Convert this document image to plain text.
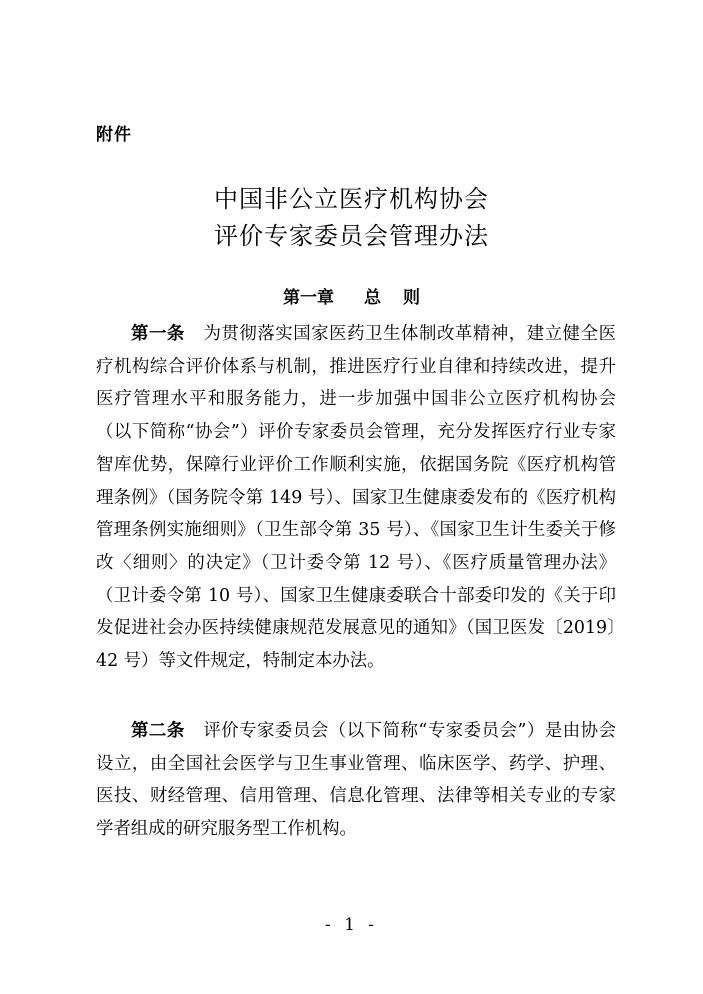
附件
中国非公立医疗机构协会
评价专家委员会管理办法
第一章 总 则

第一条 为贯彻落实国家医药卫生体制改革精神，建立健全医疗机构综合评价体系与机制，推进医疗行业自律和持续改进，提升医疗管理水平和服务能力，进一步加强中国非公立医疗机构协会（以下简称“协会”）评价专家委员会管理，充分发挥医疗行业专家智库优势，保障行业评价工作顺利实施，依据国务院《医疗机构管理条例》（国务院令第 149 号）、国家卫生健康委发布的《医疗机构管理条例实施细则》（卫生部令第 35 号）、《国家卫生计生委关于修改〈细则〉的决定》（卫计委令第 12 号）、《医疗质量管理办法》（卫计委令第 10 号）、国家卫生健康委联合十部委印发的《关于印发促进社会办医持续健康规范发展意见的通知》（国卫医发〔2019〕42 号）等文件规定，特制定本办法。

第二条 评价专家委员会（以下简称“专家委员会”）是由协会设立，由全国社会医学与卫生事业管理、临床医学、药学、护理、医技、财经管理、信用管理、信息化管理、法律等相关专业的专家学者组成的研究服务型工作机构。

- 1 -
